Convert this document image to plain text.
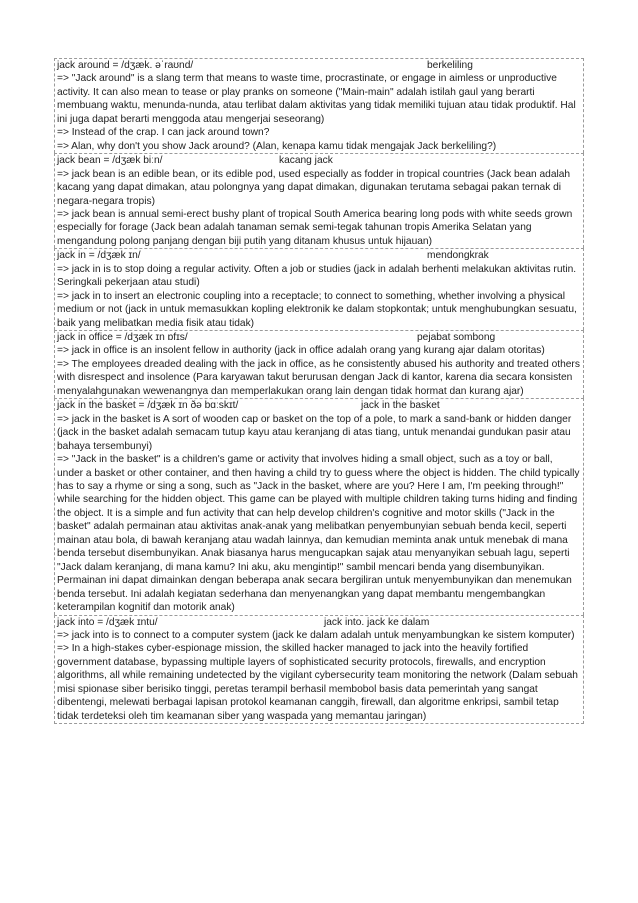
jack around = /dʒæk. əˈraʊnd/	berkeliling
=> "Jack around" is a slang term that means to waste time, procrastinate, or engage in aimless or unproductive activity. It can also mean to tease or play pranks on someone ("Main-main" adalah istilah gaul yang berarti membuang waktu, menunda-nunda, atau terlibat dalam aktivitas yang tidak memiliki tujuan atau tidak produktif. Hal ini juga dapat berarti menggoda atau mengerjai seseorang)
=> Instead of the crap. I can jack around town?
=> Alan, why don't you show Jack around? (Alan, kenapa kamu tidak mengajak Jack berkeliling?)
jack bean = /dʒæk biːn/	kacang jack
=> jack bean is an edible bean, or its edible pod, used especially as fodder in tropical countries (Jack bean adalah kacang yang dapat dimakan, atau polongnya yang dapat dimakan, digunakan terutama sebagai pakan ternak di negara-negara tropis)
=> jack bean is annual semi-erect bushy plant of tropical South America bearing long pods with white seeds grown especially for forage (Jack bean adalah tanaman semak semi-tegak tahunan tropis Amerika Selatan yang mengandung polong panjang dengan biji putih yang ditanam khusus untuk hijauan)
jack in = /dʒæk ɪn/	mendongkrak
=> jack in is to stop doing a regular activity. Often a job or studies (jack in adalah berhenti melakukan aktivitas rutin. Seringkali pekerjaan atau studi)
=> jack in to insert an electronic coupling into a receptacle; to connect to something, whether involving a physical medium or not (jack in untuk memasukkan kopling elektronik ke dalam stopkontak; untuk menghubungkan sesuatu, baik yang melibatkan media fisik atau tidak)
jack in office = /dʒæk ɪn ɒfɪs/	pejabat sombong
=> jack in office is an insolent fellow in authority (jack in office adalah orang yang kurang ajar dalam otoritas)
=> The employees dreaded dealing with the jack in office, as he consistently abused his authority and treated others with disrespect and insolence (Para karyawan takut berurusan dengan Jack di kantor, karena dia secara konsisten menyalahgunakan wewenangnya dan memperlakukan orang lain dengan tidak hormat dan kurang ajar)
jack in the basket = /dʒæk ɪn ðə bɑːskɪt/	jack in the basket
=> jack in the basket is A sort of wooden cap or basket on the top of a pole, to mark a sand-bank or hidden danger (jack in the basket adalah semacam tutup kayu atau keranjang di atas tiang, untuk menandai gundukan pasir atau bahaya tersembunyi)
=> "Jack in the basket" is a children's game or activity that involves hiding a small object, such as a toy or ball, under a basket or other container, and then having a child try to guess where the object is hidden. The child typically has to say a rhyme or sing a song, such as "Jack in the basket, where are you? Here I am, I'm peeking through!" while searching for the hidden object. This game can be played with multiple children taking turns hiding and finding the object. It is a simple and fun activity that can help develop children's cognitive and motor skills ("Jack in the basket" adalah permainan atau aktivitas anak-anak yang melibatkan penyembunyian sebuah benda kecil, seperti mainan atau bola, di bawah keranjang atau wadah lainnya, dan kemudian meminta anak untuk menebak di mana benda tersebut disembunyikan. Anak biasanya harus mengucapkan sajak atau menyanyikan sebuah lagu, seperti "Jack dalam keranjang, di mana kamu? Ini aku, aku mengintip!" sambil mencari benda yang disembunyikan. Permainan ini dapat dimainkan dengan beberapa anak secara bergiliran untuk menyembunyikan dan menemukan benda tersebut. Ini adalah kegiatan sederhana dan menyenangkan yang dapat membantu mengembangkan keterampilan kognitif dan motorik anak)
jack into = /dʒæk ɪntu/	jack into. jack ke dalam
=> jack into is to connect to a computer system (jack ke dalam adalah untuk menyambungkan ke sistem komputer)
=> In a high-stakes cyber-espionage mission, the skilled hacker managed to jack into the heavily fortified government database, bypassing multiple layers of sophisticated security protocols, firewalls, and encryption algorithms, all while remaining undetected by the vigilant cybersecurity team monitoring the network (Dalam sebuah misi spionase siber berisiko tinggi, peretas terampil berhasil membobol basis data pemerintah yang sangat dibentengi, melewati berbagai lapisan protokol keamanan canggih, firewall, dan algoritme enkripsi, sambil tetap tidak terdeteksi oleh tim keamanan siber yang waspada yang memantau jaringan)
